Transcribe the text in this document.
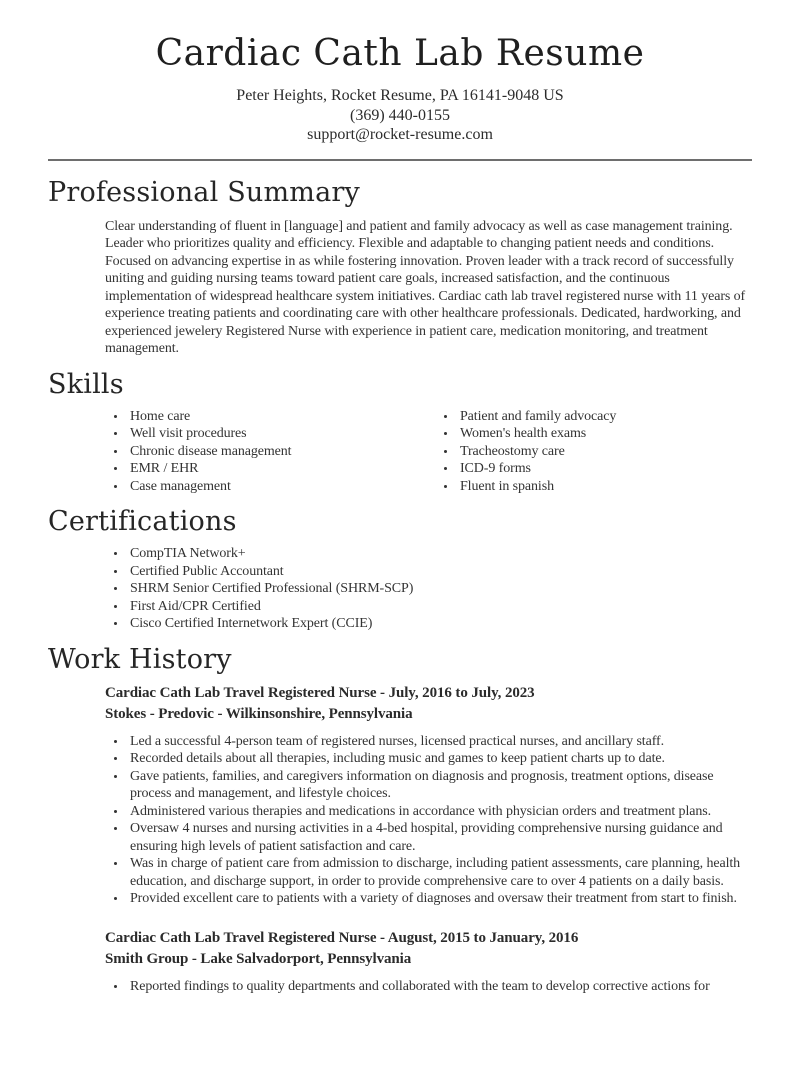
Cardiac Cath Lab Resume
Peter Heights, Rocket Resume, PA 16141-9048 US
(369) 440-0155
support@rocket-resume.com
Professional Summary

Clear understanding of fluent in [language] and patient and family advocacy as well as case management training. Leader who prioritizes quality and efficiency. Flexible and adaptable to changing patient needs and conditions. Focused on advancing expertise in as while fostering innovation. Proven leader with a track record of successfully uniting and guiding nursing teams toward patient care goals, increased satisfaction, and the continuous implementation of widespread healthcare system initiatives. Cardiac cath lab travel registered nurse with 11 years of experience treating patients and coordinating care with other healthcare professionals. Dedicated, hardworking, and experienced jewelery Registered Nurse with experience in patient care, medication monitoring, and treatment management.

Skills
• Home care
• Well visit procedures
• Chronic disease management
• EMR / EHR
• Case management
• Patient and family advocacy
• Women's health exams
• Tracheostomy care
• ICD-9 forms
• Fluent in spanish
Certifications
• CompTIA Network+
• Certified Public Accountant
• SHRM Senior Certified Professional (SHRM-SCP)
• First Aid/CPR Certified
• Cisco Certified Internetwork Expert (CCIE)
Work History
Cardiac Cath Lab Travel Registered Nurse - July, 2016 to July, 2023
Stokes - Predovic - Wilkinsonshire, Pennsylvania
• Led a successful 4-person team of registered nurses, licensed practical nurses, and ancillary staff.
• Recorded details about all therapies, including music and games to keep patient charts up to date.
• Gave patients, families, and caregivers information on diagnosis and prognosis, treatment options, disease process and management, and lifestyle choices.
• Administered various therapies and medications in accordance with physician orders and treatment plans.
• Oversaw 4 nurses and nursing activities in a 4-bed hospital, providing comprehensive nursing guidance and ensuring high levels of patient satisfaction and care.
• Was in charge of patient care from admission to discharge, including patient assessments, care planning, health education, and discharge support, in order to provide comprehensive care to over 4 patients on a daily basis.
• Provided excellent care to patients with a variety of diagnoses and oversaw their treatment from start to finish.
Cardiac Cath Lab Travel Registered Nurse - August, 2015 to January, 2016
Smith Group - Lake Salvadorport, Pennsylvania
• Reported findings to quality departments and collaborated with the team to develop corrective actions for
